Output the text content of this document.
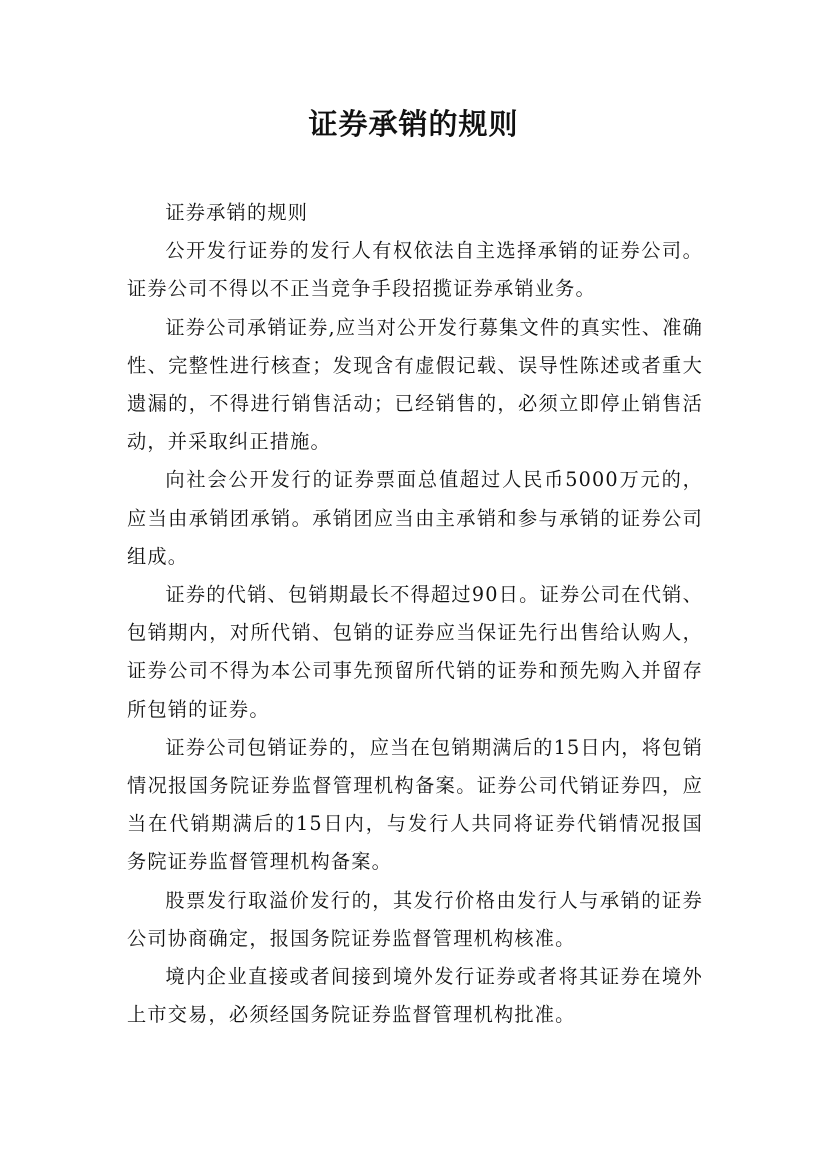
证券承销的规则

证券承销的规则

公开发行证券的发行人有权依法自主选择承销的证券公司。证券公司不得以不正当竞争手段招揽证券承销业务。

证券公司承销证券,应当对公开发行募集文件的真实性、准确性、完整性进行核查；发现含有虚假记载、误导性陈述或者重大遗漏的，不得进行销售活动；已经销售的，必须立即停止销售活动，并采取纠正措施。

向社会公开发行的证券票面总值超过人民币5000万元的，应当由承销团承销。承销团应当由主承销和参与承销的证券公司组成。

证券的代销、包销期最长不得超过90日。证券公司在代销、包销期内，对所代销、包销的证券应当保证先行出售给认购人，证券公司不得为本公司事先预留所代销的证券和预先购入并留存所包销的证券。

证券公司包销证券的，应当在包销期满后的15日内，将包销情况报国务院证券监督管理机构备案。证券公司代销证券四，应当在代销期满后的15日内，与发行人共同将证券代销情况报国务院证券监督管理机构备案。

股票发行取溢价发行的，其发行价格由发行人与承销的证券公司协商确定，报国务院证券监督管理机构核准。

境内企业直接或者间接到境外发行证券或者将其证券在境外上市交易，必须经国务院证券监督管理机构批准。
